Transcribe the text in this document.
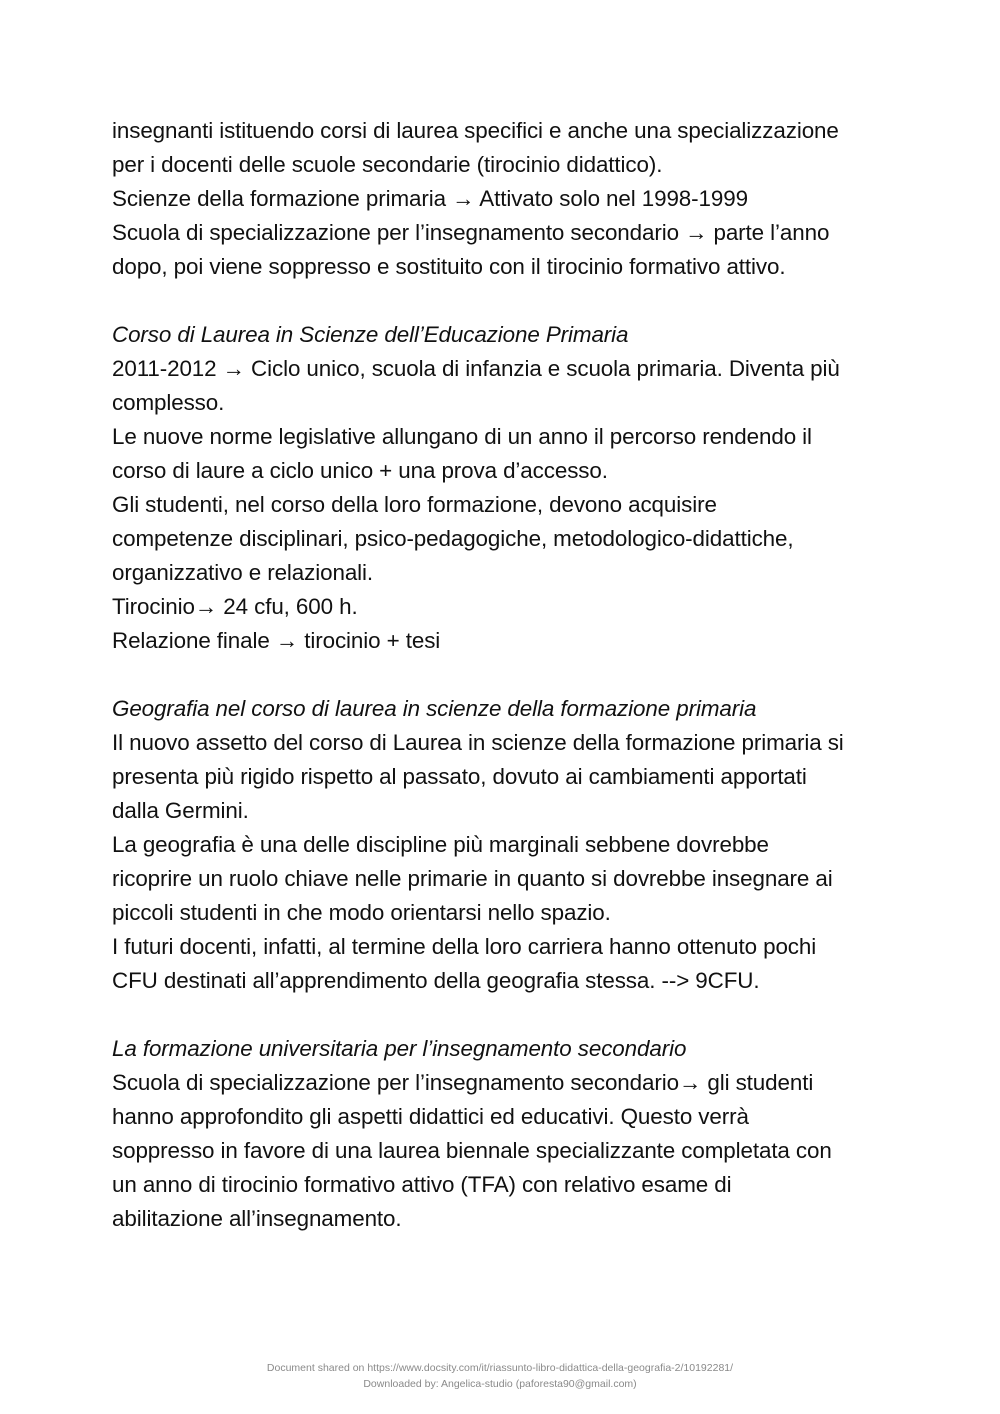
insegnanti istituendo corsi di laurea specifici e anche una specializzazione
per i docenti delle scuole secondarie (tirocinio didattico).
Scienze della formazione primaria → Attivato solo nel 1998-1999
Scuola di specializzazione per l’insegnamento secondario → parte l’anno
dopo, poi viene soppresso e sostituito con il tirocinio formativo attivo.
Corso di Laurea in Scienze dell’Educazione Primaria
2011-2012 → Ciclo unico, scuola di infanzia e scuola primaria. Diventa più
complesso.
Le nuove norme legislative allungano di un anno il percorso rendendo il
corso di laure a ciclo unico + una prova d’accesso.
Gli studenti, nel corso della loro formazione, devono acquisire
competenze disciplinari, psico-pedagogiche, metodologico-didattiche,
organizzativo e relazionali.
Tirocinio→ 24 cfu, 600 h.
Relazione finale → tirocinio + tesi
Geografia nel corso di laurea in scienze della formazione primaria
Il nuovo assetto del corso di Laurea in scienze della formazione primaria si
presenta più rigido rispetto al passato, dovuto ai cambiamenti apportati
dalla Germini.
La geografia è una delle discipline più marginali sebbene dovrebbe
ricoprire un ruolo chiave nelle primarie in quanto si dovrebbe insegnare ai
piccoli studenti in che modo orientarsi nello spazio.
I futuri docenti, infatti, al termine della loro carriera hanno ottenuto pochi
CFU destinati all’apprendimento della geografia stessa. --> 9CFU.
La formazione universitaria per l’insegnamento secondario
Scuola di specializzazione per l’insegnamento secondario→ gli studenti
hanno approfondito gli aspetti didattici ed educativi. Questo verrà
soppresso in favore di una laurea biennale specializzante completata con
un anno di tirocinio formativo attivo (TFA) con relativo esame di
abilitazione all’insegnamento.
Document shared on https://www.docsity.com/it/riassunto-libro-didattica-della-geografia-2/10192281/
Downloaded by: Angelica-studio (paforesta90@gmail.com)
